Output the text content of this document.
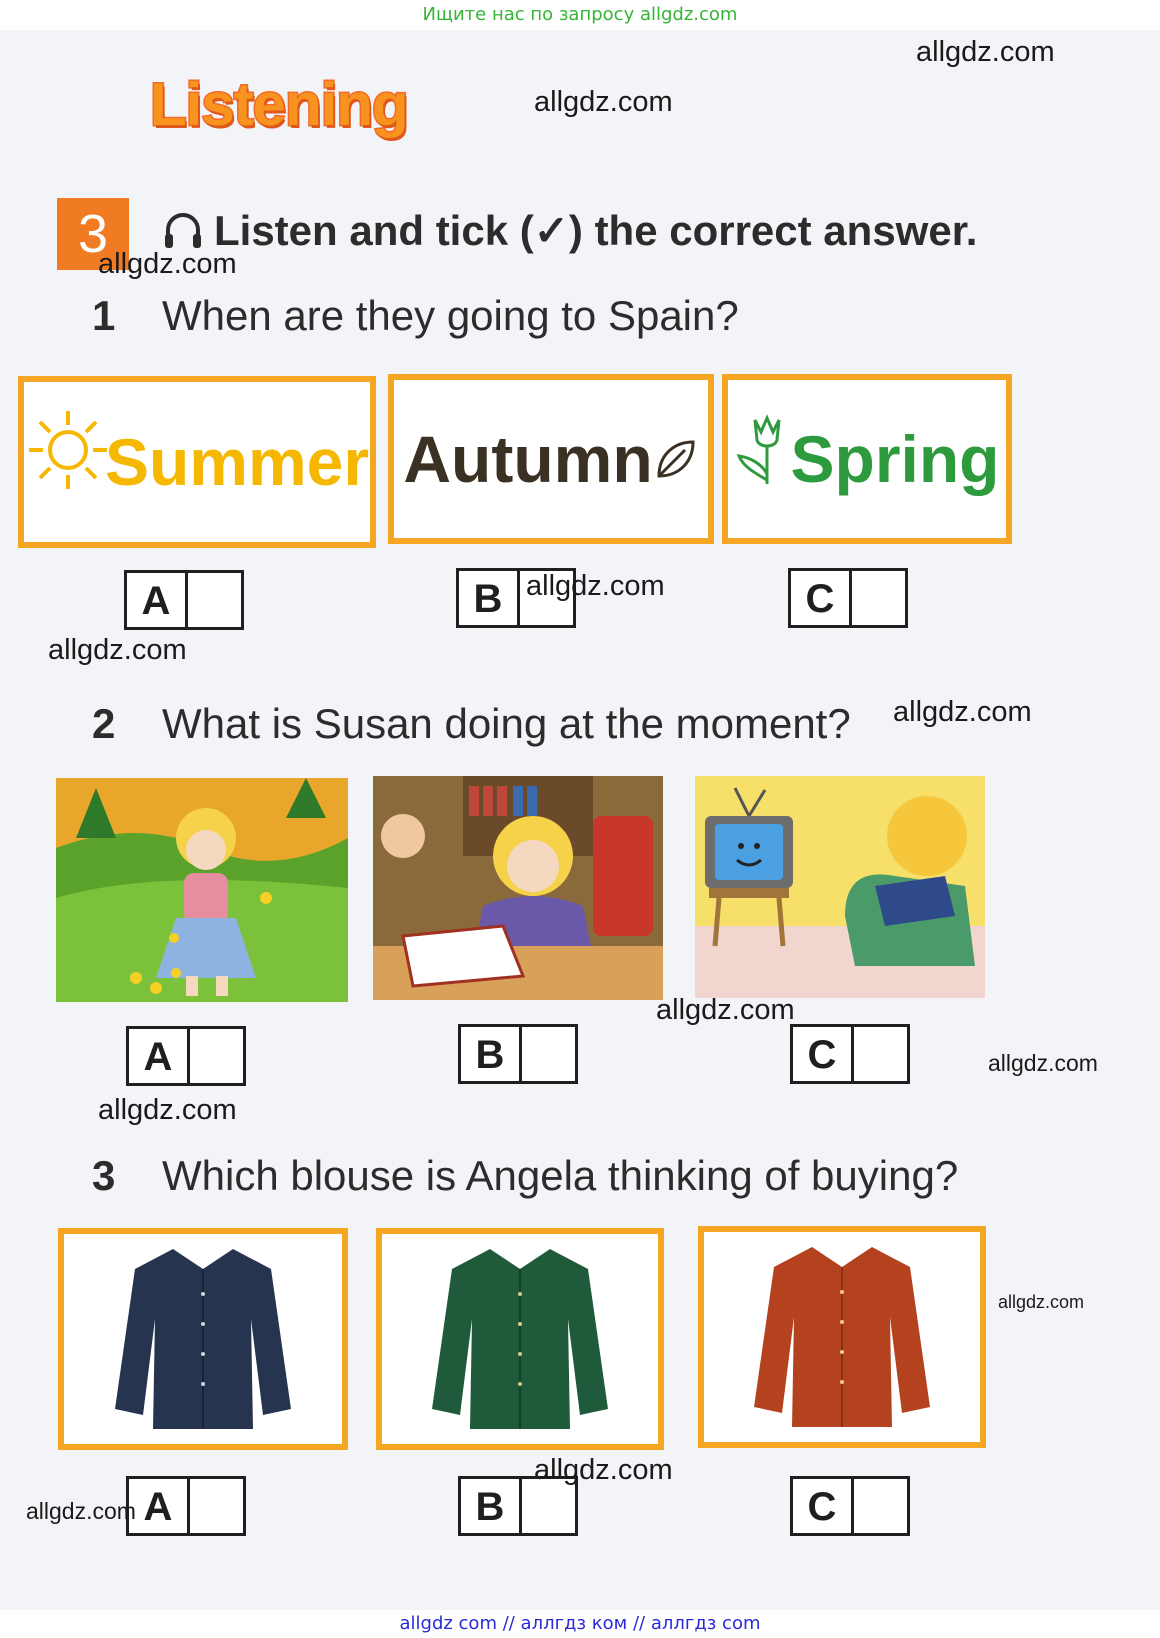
Ищите нас по запросу allgdz.com
Listening
3	Listen and tick (✓) the correct answer.
1 When are they going to Spain?
Summer Autumn Spring
A	B	C
2 What is Susan doing at the moment?
A	B	C
3 Which blouse is Angela thinking of buying?
A	B	C
allgdz.com
allgdz.com
allgdz.com
allgdz.com
allgdz.com
allgdz.com
allgdz.com
allgdz.com
allgdz.com
allgdz.com
allgdz.com
allgdz.com
allgdz com // аллгдз ком // аллгдз com
